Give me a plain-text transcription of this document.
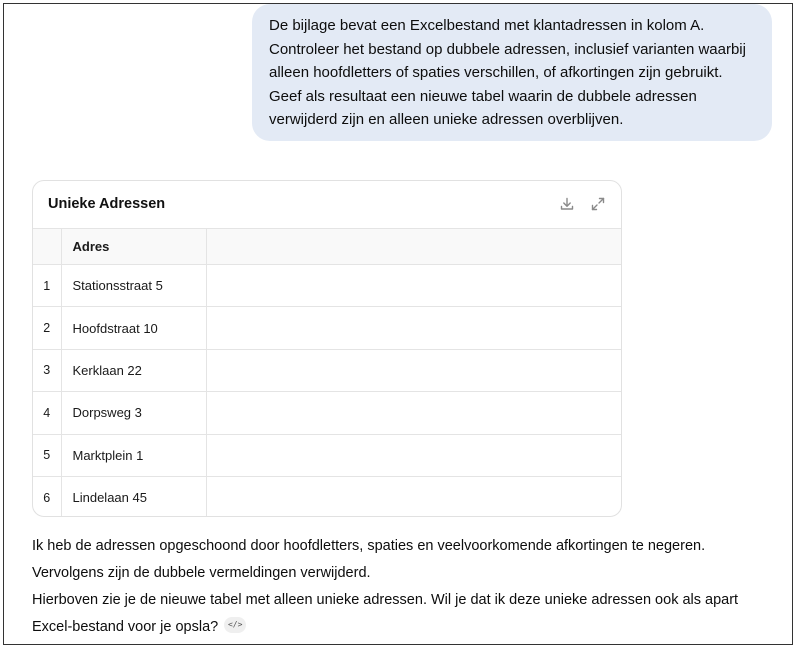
De bijlage bevat een Excelbestand met klantadressen in kolom A.
Controleer het bestand op dubbele adressen, inclusief varianten waarbij
alleen hoofdletters of spaties verschillen, of afkortingen zijn gebruikt.
Geef als resultaat een nieuwe tabel waarin de dubbele adressen
verwijderd zijn en alleen unieke adressen overblijven.
Unieke Adressen
	Adres	
1	Stationsstraat 5	
2	Hoofdstraat 10	
3	Kerklaan 22	
4	Dorpsweg 3	
5	Marktplein 1	
6	Lindelaan 45	

Ik heb de adressen opgeschoond door hoofdletters, spaties en veelvoorkomende afkortingen te negeren.

Vervolgens zijn de dubbele vermeldingen verwijderd.

Hierboven zie je de nieuwe tabel met alleen unieke adressen. Wil je dat ik deze unieke adressen ook als apart

Excel-bestand voor je opsla? </>
